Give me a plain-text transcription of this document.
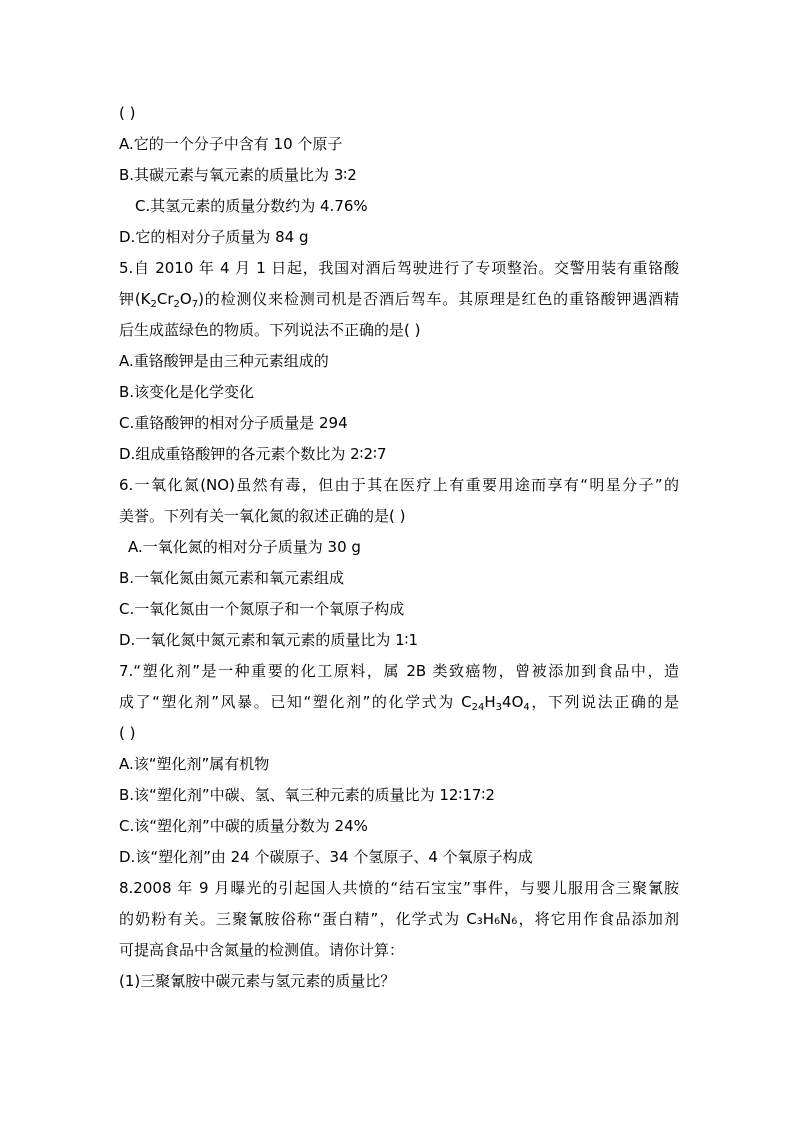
( )
A.它的一个分子中含有 10 个原子
B.其碳元素与氧元素的质量比为 3∶2
C.其氢元素的质量分数约为 4.76%
D.它的相对分子质量为 84 g
5.自 2010 年 4 月 1 日起，我国对酒后驾驶进行了专项整治。交警用装有重铬酸
钾$(K_2Cr_2O_7)$的检测仪来检测司机是否酒后驾车。其原理是红色的重铬酸钾遇酒精
后生成蓝绿色的物质。下列说法不正确的是( )
A.重铬酸钾是由三种元素组成的
B.该变化是化学变化
C.重铬酸钾的相对分子质量是 294
D.组成重铬酸钾的各元素个数比为 2∶2∶7
6.一氧化氮(NO)虽然有毒，但由于其在医疗上有重要用途而享有“明星分子”的
美誉。下列有关一氧化氮的叙述正确的是( )
A.一氧化氮的相对分子质量为 30 g
B.一氧化氮由氮元素和氧元素组成
C.一氧化氮由一个氮原子和一个氧原子构成
D.一氧化氮中氮元素和氧元素的质量比为 1∶1
7.“塑化剂”是一种重要的化工原料，属 2B 类致癌物，曾被添加到食品中，造
成了“塑化剂”风暴。已知“塑化剂”的化学式为 $C_{24}H_34O_4$，下列说法正确的是
( )
A.该“塑化剂”属有机物
B.该“塑化剂”中碳、氢、氧三种元素的质量比为 12∶17∶2
C.该“塑化剂”中碳的质量分数为 24%
D.该“塑化剂”由 24 个碳原子、34 个氢原子、4 个氧原子构成
8.2008 年 9 月曝光的引起国人共愤的“结石宝宝”事件，与婴儿服用含三聚氰胺
的奶粉有关。三聚氰胺俗称“蛋白精”，化学式为 C₃H₆N₆，将它用作食品添加剂
可提高食品中含氮量的检测值。请你计算：
(1)三聚氰胺中碳元素与氢元素的质量比？
